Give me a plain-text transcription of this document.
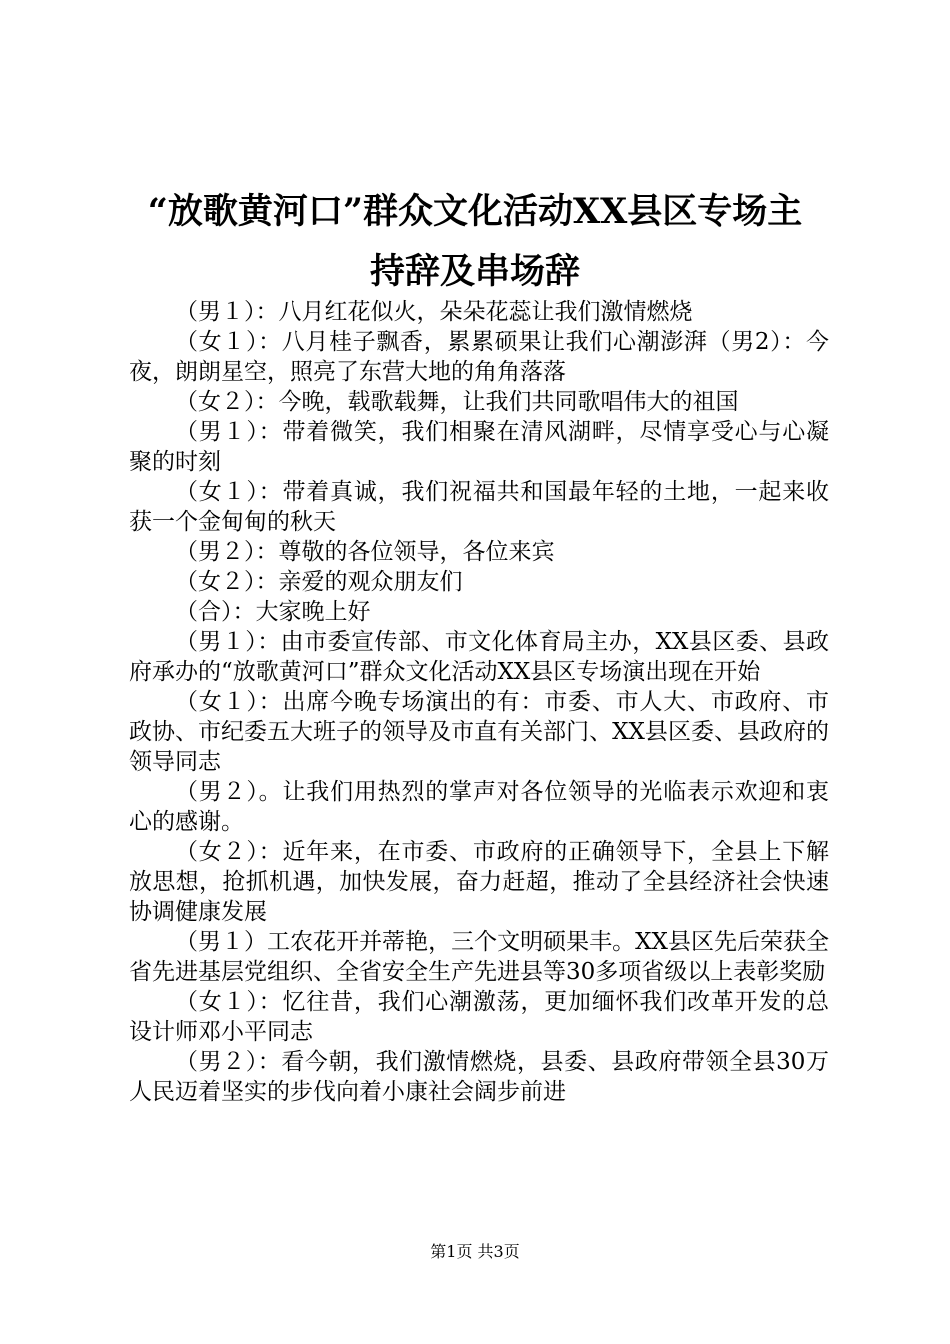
“放歌黄河口”群众文化活动XX县区专场主
持辞及串场辞

（男１）：八月红花似火，朵朵花蕊让我们激情燃烧

（女１）：八月桂子飘香，累累硕果让我们心潮澎湃（男2）：今夜，朗朗星空，照亮了东营大地的角角落落

（女２）：今晚，载歌载舞，让我们共同歌唱伟大的祖国

（男１）：带着微笑，我们相聚在清风湖畔，尽情享受心与心凝聚的时刻

（女１）：带着真诚，我们祝福共和国最年轻的土地，一起来收获一个金甸甸的秋天

（男２）：尊敬的各位领导，各位来宾

（女２）：亲爱的观众朋友们

（合）：大家晚上好

（男１）：由市委宣传部、市文化体育局主办，XX县区委、县政府承办的“放歌黄河口”群众文化活动XX县区专场演出现在开始

（女１）：出席今晚专场演出的有：市委、市人大、市政府、市政协、市纪委五大班子的领导及市直有关部门、XX县区委、县政府的领导同志

（男２）。让我们用热烈的掌声对各位领导的光临表示欢迎和衷心的感谢。

（女２）：近年来，在市委、市政府的正确领导下，全县上下解放思想，抢抓机遇，加快发展，奋力赶超，推动了全县经济社会快速协调健康发展

（男１）工农花开并蒂艳，三个文明硕果丰。XX县区先后荣获全省先进基层党组织、全省安全生产先进县等30多项省级以上表彰奖励

（女１）：忆往昔，我们心潮激荡，更加缅怀我们改革开发的总设计师邓小平同志

（男２）：看今朝，我们激情燃烧，县委、县政府带领全县30万人民迈着坚实的步伐向着小康社会阔步前进

第1页 共3页
